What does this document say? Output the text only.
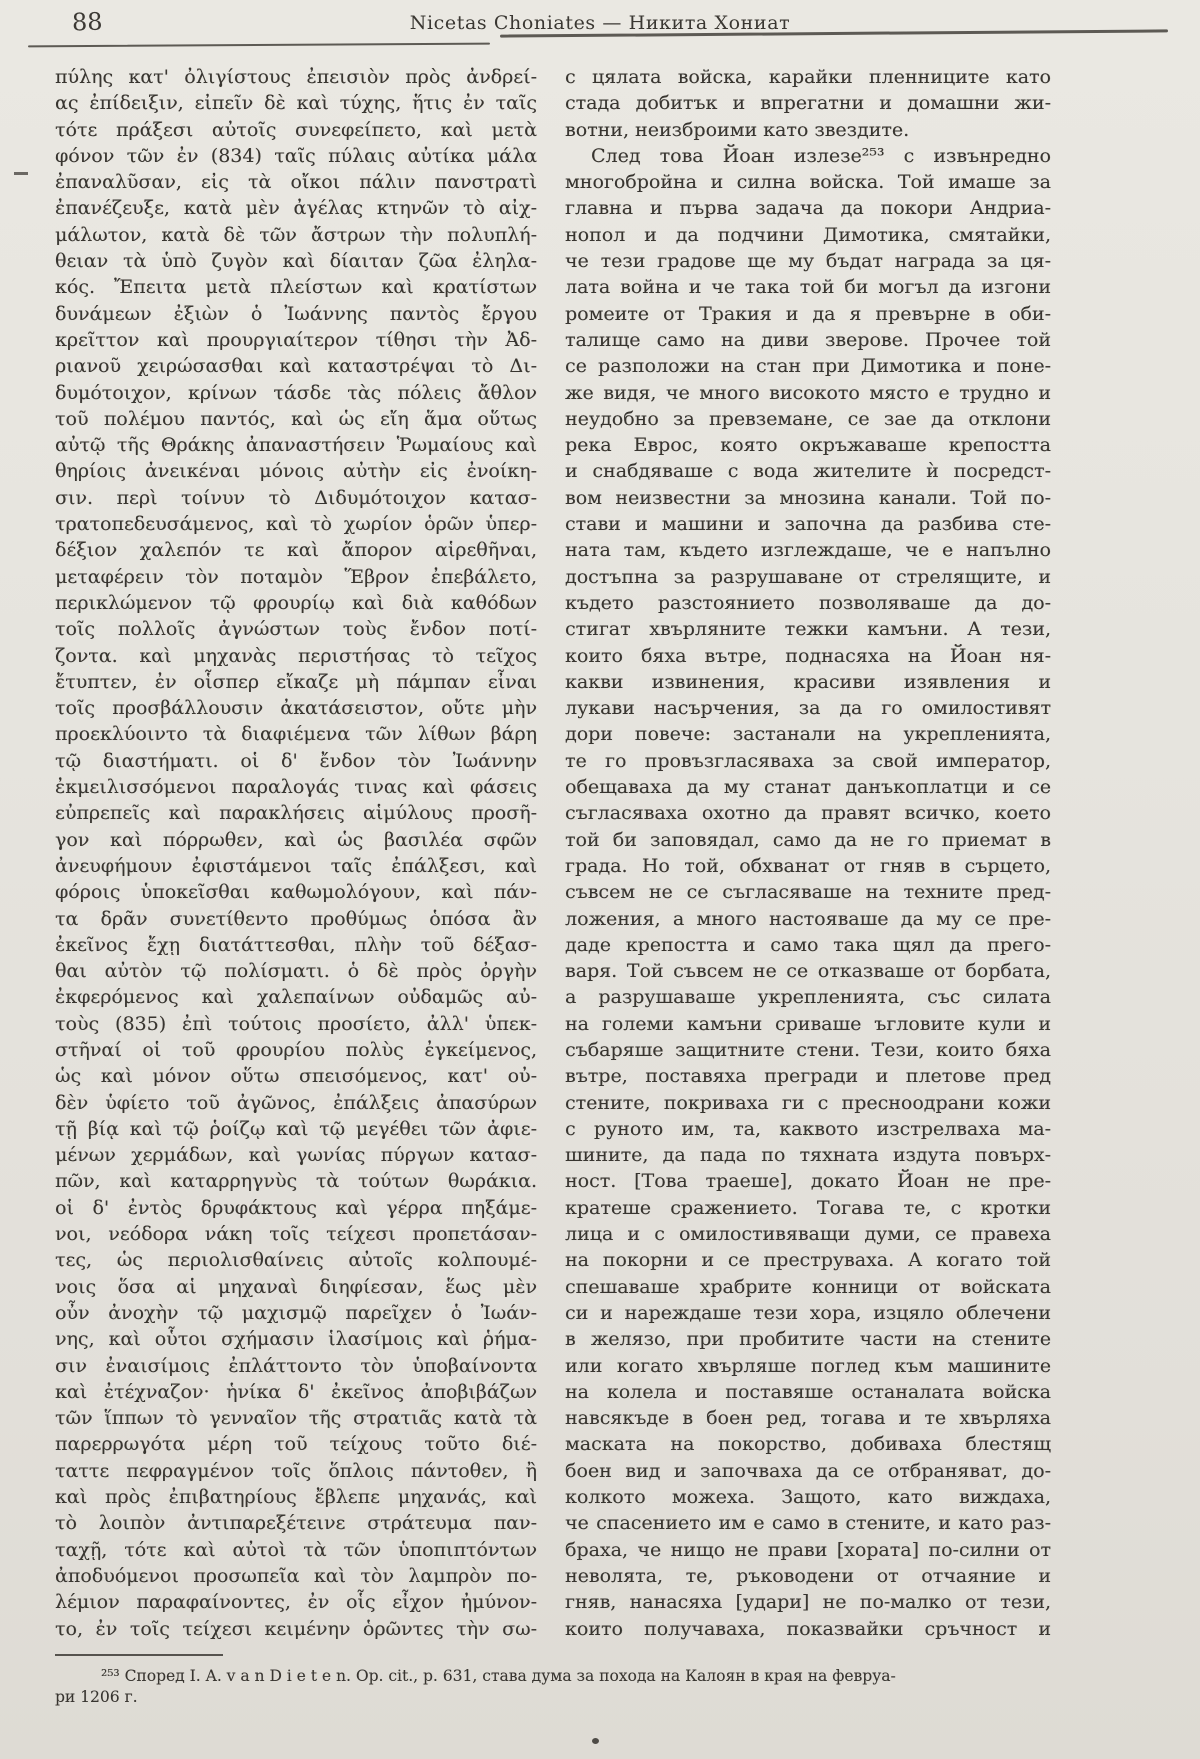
88	Nicetas Choniates — Никита Хониат
πύλης κατ' ὀλιγίστους ἐπεισιὸν πρὸς ἀνδρεί-
ας ἐπίδειξιν, εἰπεῖν δὲ καὶ τύχης, ἥτις ἐν ταῖς
τότε πράξεσι αὐτοῖς συνεφείπετο, καὶ μετὰ
φόνον τῶν ἐν (834) ταῖς πύλαις αὐτίκα μάλα
ἐπαναλῦσαν, εἰς τὰ οἴκοι πάλιν πανστρατὶ
ἐπανέζευξε, κατὰ μὲν ἀγέλας κτηνῶν τὸ αἰχ-
μάλωτον, κατὰ δὲ τῶν ἄστρων τὴν πολυπλή-
θειαν τὰ ὑπὸ ζυγὸν καὶ δίαιταν ζῶα ἐληλα-
κός. Ἔπειτα μετὰ πλείστων καὶ κρατίστων
δυνάμεων ἐξιὼν ὁ Ἰωάννης παντὸς ἔργου
κρεῖττον καὶ προυργιαίτερον τίθησι τὴν Ἀδ-
ριανοῦ χειρώσασθαι καὶ καταστρέψαι τὸ Δι-
δυμότοιχον, κρίνων τάσδε τὰς πόλεις ἄθλον
τοῦ πολέμου παντός, καὶ ὡς εἴη ἅμα οὕτως
αὐτῷ τῆς Θράκης ἀπαναστήσειν Ῥωμαίους καὶ
θηρίοις ἀνεικέναι μόνοις αὐτὴν εἰς ἐνοίκη-
σιν. περὶ τοίνυν τὸ Διδυμότοιχον κατασ-
τρατοπεδευσάμενος, καὶ τὸ χωρίον ὁρῶν ὑπερ-
δέξιον χαλεπόν τε καὶ ἄπορον αἱρεθῆναι,
μεταφέρειν τὸν ποταμὸν Ἕβρον ἐπεβάλετο,
περικλώμενον τῷ φρουρίῳ καὶ διὰ καθόδων
τοῖς πολλοῖς ἀγνώστων τοὺς ἔνδον ποτί-
ζοντα. καὶ μηχανὰς περιστήσας τὸ τεῖχος
ἔτυπτεν, ἐν οἷσπερ εἴκαζε μὴ πάμπαν εἶναι
τοῖς προσβάλλουσιν ἀκατάσειστον, οὔτε μὴν
προεκλύοιντο τὰ διαφιέμενα τῶν λίθων βάρη
τῷ διαστήματι. οἱ δ' ἔνδον τὸν Ἰωάννην
ἐκμειλισσόμενοι παραλογάς τινας καὶ φάσεις
εὐπρεπεῖς καὶ παρακλήσεις αἱμύλους προσῆ-
γον καὶ πόρρωθεν, καὶ ὡς βασιλέα σφῶν
ἀνευφήμουν ἐφιστάμενοι ταῖς ἐπάλξεσι, καὶ
φόροις ὑποκεῖσθαι καθωμολόγουν, καὶ πάν-
τα δρᾶν συνετίθεντο προθύμως ὁπόσα ἂν
ἐκεῖνος ἔχῃ διατάττεσθαι, πλὴν τοῦ δέξασ-
θαι αὐτὸν τῷ πολίσματι. ὁ δὲ πρὸς ὀργὴν
ἐκφερόμενος καὶ χαλεπαίνων οὐδαμῶς αὐ-
τοὺς (835) ἐπὶ τούτοις προσίετο, ἀλλ' ὑπεκ-
στῆναί οἱ τοῦ φρουρίου πολὺς ἐγκείμενος,
ὡς καὶ μόνον οὕτω σπεισόμενος, κατ' οὐ-
δὲν ὑφίετο τοῦ ἀγῶνος, ἐπάλξεις ἀπασύρων
τῇ βίᾳ καὶ τῷ ῥοίζῳ καὶ τῷ μεγέθει τῶν ἀφιε-
μένων χερμάδων, καὶ γωνίας πύργων κατασ-
πῶν, καὶ καταρρηγνὺς τὰ τούτων θωράκια.
οἱ δ' ἐντὸς δρυφάκτους καὶ γέρρα πηξάμε-
νοι, νεόδορα νάκη τοῖς τείχεσι προπετάσαν-
τες, ὡς περιολισθαίνεις αὐτοῖς κολπουμέ-
νοις ὅσα αἱ μηχαναὶ διηφίεσαν, ἕως μὲν
οὖν ἀνοχὴν τῷ μαχισμῷ παρεῖχεν ὁ Ἰωάν-
νης, καὶ οὗτοι σχήμασιν ἱλασίμοις καὶ ῥήμα-
σιν ἐναισίμοις ἐπλάττοντο τὸν ὑποβαίνοντα
καὶ ἐτέχναζον· ἡνίκα δ' ἐκεῖνος ἀποβιβάζων
τῶν ἵππων τὸ γενναῖον τῆς στρατιᾶς κατὰ τὰ
παρερρωγότα μέρη τοῦ τείχους τοῦτο διέ-
ταττε πεφραγμένον τοῖς ὅπλοις πάντοθεν, ἢ
καὶ πρὸς ἐπιβατηρίους ἔβλεπε μηχανάς, καὶ
τὸ λοιπὸν ἀντιπαρεξέτεινε στράτευμα παν-
ταχῇ, τότε καὶ αὐτοὶ τὰ τῶν ὑποπιπτόντων
ἀποδυόμενοι προσωπεῖα καὶ τὸν λαμπρὸν πο-
λέμιον παραφαίνοντες, ἐν οἷς εἶχον ἠμύνον-
το, ἐν τοῖς τείχεσι κειμένην ὁρῶντες τὴν σω-
с цялата войска, карайки пленниците като
стада добитък и впрегатни и домашни жи-
вотни, неизброими като звездите.
След това Йоан излезе²⁵³ с извънредно
многобройна и силна войска. Той имаше за
главна и първа задача да покори Андриа-
нопол и да подчини Димотика, смятайки,
че тези градове ще му бъдат награда за ця-
лата война и че така той би могъл да изгони
ромеите от Тракия и да я превърне в оби-
талище само на диви зверове. Прочее той
се разположи на стан при Димотика и поне-
же видя, че много високото място е трудно и
неудобно за превземане, се зае да отклони
река Еврос, която окръжаваше крепостта
и снабдяваше с вода жителите ѝ посредст-
вом неизвестни за мнозина канали. Той по-
стави и машини и започна да разбива сте-
ната там, където изглеждаше, че е напълно
достъпна за разрушаване от стрелящите, и
където разстоянието позволяваше да до-
стигат хвърляните тежки камъни. А тези,
които бяха вътре, поднасяха на Йоан ня-
какви извинения, красиви изявления и
лукави насърчения, за да го омилостивят
дори повече: застанали на укрепленията,
те го провъзгласяваха за свой император,
обещаваха да му станат данъкоплатци и се
съгласяваха охотно да правят всичко, което
той би заповядал, само да не го приемат в
града. Но той, обхванат от гняв в сърцето,
съвсем не се съгласяваше на техните пред-
ложения, а много настояваше да му се пре-
даде крепостта и само така щял да прего-
варя. Той съвсем не се отказваше от борбата,
а разрушаваше укрепленията, със силата
на големи камъни сриваше ъгловите кули и
събаряше защитните стени. Тези, които бяха
вътре, поставяха прегради и плетове пред
стените, покриваха ги с пресноодрани кожи
с руното им, та, каквото изстрелваха ма-
шините, да пада по тяхната издута повърх-
ност. [Това траеше], докато Йоан не пре-
кратеше сражението. Тогава те, с кротки
лица и с омилостивяващи думи, се правеха
на покорни и се преструваха. А когато той
спешаваше храбрите конници от войската
си и нареждаше тези хора, изцяло облечени
в желязо, при пробитите части на стените
или когато хвърляше поглед към машините
на колела и поставяше останалата войска
навсякъде в боен ред, тогава и те хвърляха
маската на покорство, добиваха блестящ
боен вид и започваха да се отбраняват, до-
колкото можеха. Защото, като виждаха,
че спасението им е само в стените, и като раз-
браха, че нищо не прави [хората] по-силни от
неволята, те, ръководени от отчаяние и
гняв, нанасяха [удари] не по-малко от тези,
които получаваха, показвайки сръчност и
²⁵³ Според I. A. v a n D i e t e n. Op. cit., p. 631, става дума за похода на Калоян в края на февруа-
ри 1206 г.
